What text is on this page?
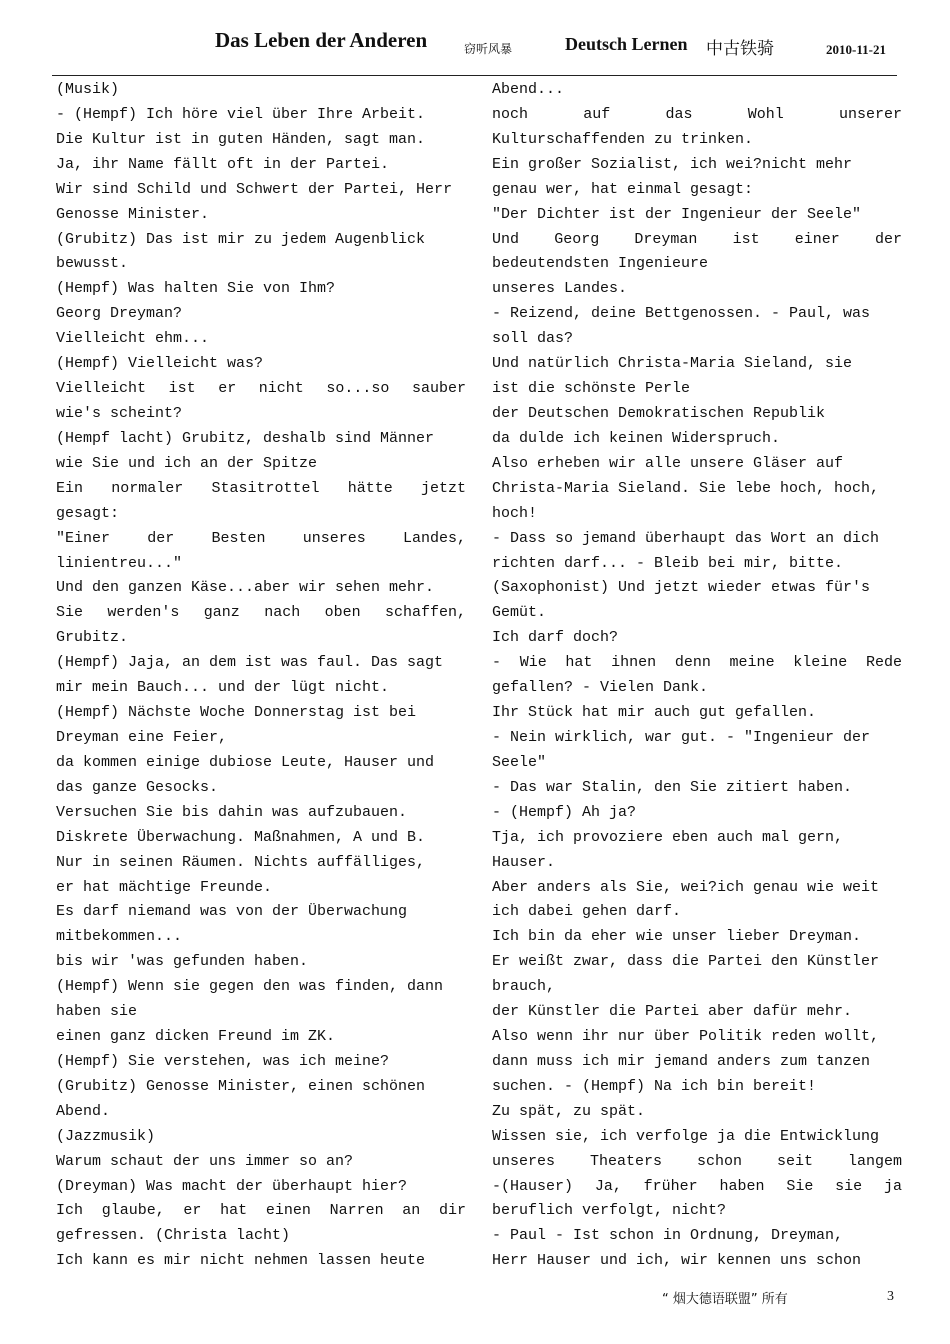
Das Leben der Anderen	窃听风暴	Deutsch Lernen 中古铁骑	2010-11-21
(Musik)
- (Hempf) Ich höre viel über Ihre Arbeit.
Die Kultur ist in guten Händen, sagt man.
Ja, ihr Name fällt oft in der Partei.
Wir sind Schild und Schwert der Partei, Herr
Genosse Minister.
(Grubitz) Das ist mir zu jedem Augenblick
bewusst.
(Hempf) Was halten Sie von Ihm?
Georg Dreyman?
Vielleicht ehm...
(Hempf) Vielleicht was?
Vielleicht ist er nicht so...so sauber
wie's scheint?
(Hempf lacht) Grubitz, deshalb sind Männer
wie Sie und ich an der Spitze
Ein normaler Stasitrottel hätte jetzt
gesagt:
"Einer der Besten unseres Landes,
linientreu..."
Und den ganzen Käse...aber wir sehen mehr.
Sie werden's ganz nach oben schaffen,
Grubitz.
(Hempf) Jaja, an dem ist was faul. Das sagt
mir mein Bauch... und der lügt nicht.
(Hempf) Nächste Woche Donnerstag ist bei
Dreyman eine Feier,
da kommen einige dubiose Leute, Hauser und
das ganze Gesocks.
Versuchen Sie bis dahin was aufzubauen.
Diskrete Überwachung. Maßnahmen, A und B.
Nur in seinen Räumen. Nichts auffälliges,
er hat mächtige Freunde.
Es darf niemand was von der Überwachung
mitbekommen...
bis wir 'was gefunden haben.
(Hempf) Wenn sie gegen den was finden, dann
haben sie
einen ganz dicken Freund im ZK.
(Hempf) Sie verstehen, was ich meine?
(Grubitz) Genosse Minister, einen schönen
Abend.
(Jazzmusik)
Warum schaut der uns immer so an?
(Dreyman) Was macht der überhaupt hier?
Ich glaube, er hat einen Narren an dir
gefressen. (Christa lacht)
Ich kann es mir nicht nehmen lassen heute
Abend...
noch auf das Wohl unserer
Kulturschaffenden zu trinken.
Ein großer Sozialist, ich wei?nicht mehr
genau wer, hat einmal gesagt:
"Der Dichter ist der Ingenieur der Seele"
Und Georg Dreyman ist einer der
bedeutendsten Ingenieure
unseres Landes.
- Reizend, deine Bettgenossen. - Paul, was
soll das?
Und natürlich Christa-Maria Sieland, sie
ist die schönste Perle
der Deutschen Demokratischen Republik
da dulde ich keinen Widerspruch.
Also erheben wir alle unsere Gläser auf
Christa-Maria Sieland. Sie lebe hoch, hoch,
hoch!
- Dass so jemand überhaupt das Wort an dich
richten darf... - Bleib bei mir, bitte.
(Saxophonist) Und jetzt wieder etwas für's
Gemüt.
Ich darf doch?
- Wie hat ihnen denn meine kleine Rede
gefallen? - Vielen Dank.
Ihr Stück hat mir auch gut gefallen.
- Nein wirklich, war gut. - "Ingenieur der
Seele"
- Das war Stalin, den Sie zitiert haben.
- (Hempf) Ah ja?
Tja, ich provoziere eben auch mal gern,
Hauser.
Aber anders als Sie, wei?ich genau wie weit
ich dabei gehen darf.
Ich bin da eher wie unser lieber Dreyman.
Er weißt zwar, dass die Partei den Künstler
brauch,
der Künstler die Partei aber dafür mehr.
Also wenn ihr nur über Politik reden wollt,
dann muss ich mir jemand anders zum tanzen
suchen. - (Hempf) Na ich bin bereit!
Zu spät, zu spät.
Wissen sie, ich verfolge ja die Entwicklung
unseres Theaters schon seit langem
-(Hauser) Ja, früher haben Sie sie ja
beruflich verfolgt, nicht?
- Paul - Ist schon in Ordnung, Dreyman,
Herr Hauser und ich, wir kennen uns schon
“ 烟大德语联盟” 所有	3
